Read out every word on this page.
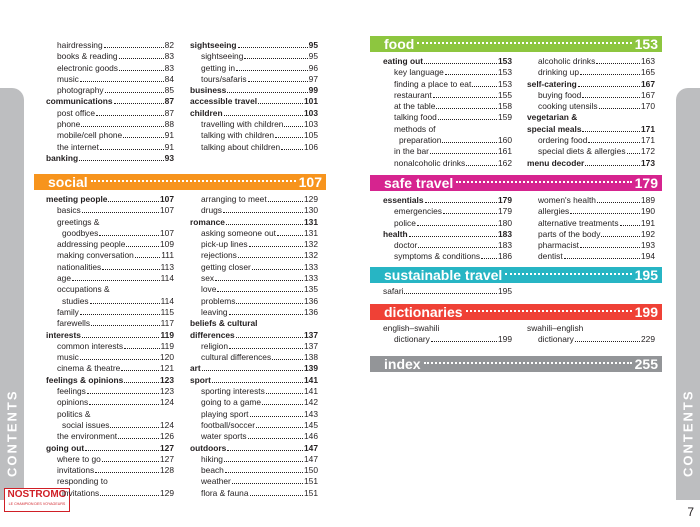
CONTENTS	CONTENTS
NOSTROMO
LE CHAMPION DES VOYAGEURS
7
hairdressing	82
books & reading	83
electronic goods	83
music	84
photography	85
communications	87
post office	87
phone	88
mobile/cell phone	91
the internet	91
banking	93
sightseeing	95
sightseeing	95
getting in	96
tours/safaris	97
business	99
accessible travel	101
children	103
travelling with children 103
talking with children	105
talking about children	106
social	107
meeting people	107
basics	107
greetings &
goodbyes	107
addressing people	109
making conversation	111
nationalities	113
age	114
occupations &
studies	114
family	115
farewells	117
interests	119
common interests	119
music	120
cinema & theatre	121
feelings & opinions	123
feelings	123
opinions	124
politics &
social issues	124
the environment	126
going out	127
where to go	127
invitations	128
responding to
invitations	129
arranging to meet	129
drugs	130
romance	131
asking someone out	131
pick-up lines	132
rejections	132
getting closer	133
sex	133
love	135
problems	136
leaving	136
beliefs & cultural
differences	137
religion	137
cultural differences	138
art	139
sport	141
sporting interests	141
going to a game	142
playing sport	143
football/soccer	145
water sports	146
outdoors	147
hiking	147
beach	150
weather	151
flora & fauna	151
food	153
eating out	153
key language	153
finding a place to eat	153
restaurant	155
at the table	158
talking food	159
methods of
preparation	160
in the bar	161
nonalcoholic drinks	162
alcoholic drinks	163
drinking up	165
self-catering	167
buying food	167
cooking utensils	170
vegetarian &
special meals	171
ordering food	171
special diets & allergies 172
menu decoder	173
safe travel	179
essentials	179
emergencies	179
police	180
health	183
doctor	183
symptoms & conditions 186
women's health	189
allergies	190
alternative treatments	191
parts of the body	192
pharmacist	193
dentist	194
sustainable travel	195
safari	195
dictionaries	199
english–swahili
dictionary	199
swahili–english
dictionary	229
index	255
